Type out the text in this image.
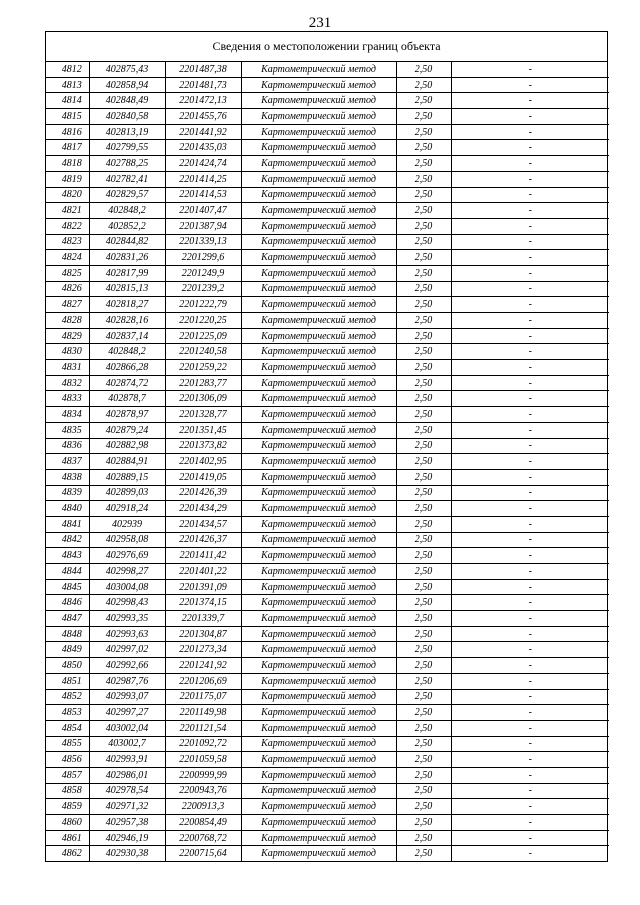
231
Сведения о местоположении границ объекта
4812	402875,43	2201487,38	Картометрический метод	2,50	-
4813	402858,94	2201481,73	Картометрический метод	2,50	-
4814	402848,49	2201472,13	Картометрический метод	2,50	-
4815	402840,58	2201455,76	Картометрический метод	2,50	-
4816	402813,19	2201441,92	Картометрический метод	2,50	-
4817	402799,55	2201435,03	Картометрический метод	2,50	-
4818	402788,25	2201424,74	Картометрический метод	2,50	-
4819	402782,41	2201414,25	Картометрический метод	2,50	-
4820	402829,57	2201414,53	Картометрический метод	2,50	-
4821	402848,2	2201407,47	Картометрический метод	2,50	-
4822	402852,2	2201387,94	Картометрический метод	2,50	-
4823	402844,82	2201339,13	Картометрический метод	2,50	-
4824	402831,26	2201299,6	Картометрический метод	2,50	-
4825	402817,99	2201249,9	Картометрический метод	2,50	-
4826	402815,13	2201239,2	Картометрический метод	2,50	-
4827	402818,27	2201222,79	Картометрический метод	2,50	-
4828	402828,16	2201220,25	Картометрический метод	2,50	-
4829	402837,14	2201225,09	Картометрический метод	2,50	-
4830	402848,2	2201240,58	Картометрический метод	2,50	-
4831	402866,28	2201259,22	Картометрический метод	2,50	-
4832	402874,72	2201283,77	Картометрический метод	2,50	-
4833	402878,7	2201306,09	Картометрический метод	2,50	-
4834	402878,97	2201328,77	Картометрический метод	2,50	-
4835	402879,24	2201351,45	Картометрический метод	2,50	-
4836	402882,98	2201373,82	Картометрический метод	2,50	-
4837	402884,91	2201402,95	Картометрический метод	2,50	-
4838	402889,15	2201419,05	Картометрический метод	2,50	-
4839	402899,03	2201426,39	Картометрический метод	2,50	-
4840	402918,24	2201434,29	Картометрический метод	2,50	-
4841	402939	2201434,57	Картометрический метод	2,50	-
4842	402958,08	2201426,37	Картометрический метод	2,50	-
4843	402976,69	2201411,42	Картометрический метод	2,50	-
4844	402998,27	2201401,22	Картометрический метод	2,50	-
4845	403004,08	2201391,09	Картометрический метод	2,50	-
4846	402998,43	2201374,15	Картометрический метод	2,50	-
4847	402993,35	2201339,7	Картометрический метод	2,50	-
4848	402993,63	2201304,87	Картометрический метод	2,50	-
4849	402997,02	2201273,34	Картометрический метод	2,50	-
4850	402992,66	2201241,92	Картометрический метод	2,50	-
4851	402987,76	2201206,69	Картометрический метод	2,50	-
4852	402993,07	2201175,07	Картометрический метод	2,50	-
4853	402997,27	2201149,98	Картометрический метод	2,50	-
4854	403002,04	2201121,54	Картометрический метод	2,50	-
4855	403002,7	2201092,72	Картометрический метод	2,50	-
4856	402993,91	2201059,58	Картометрический метод	2,50	-
4857	402986,01	2200999,99	Картометрический метод	2,50	-
4858	402978,54	2200943,76	Картометрический метод	2,50	-
4859	402971,32	2200913,3	Картометрический метод	2,50	-
4860	402957,38	2200854,49	Картометрический метод	2,50	-
4861	402946,19	2200768,72	Картометрический метод	2,50	-
4862	402930,38	2200715,64	Картометрический метод	2,50	-
